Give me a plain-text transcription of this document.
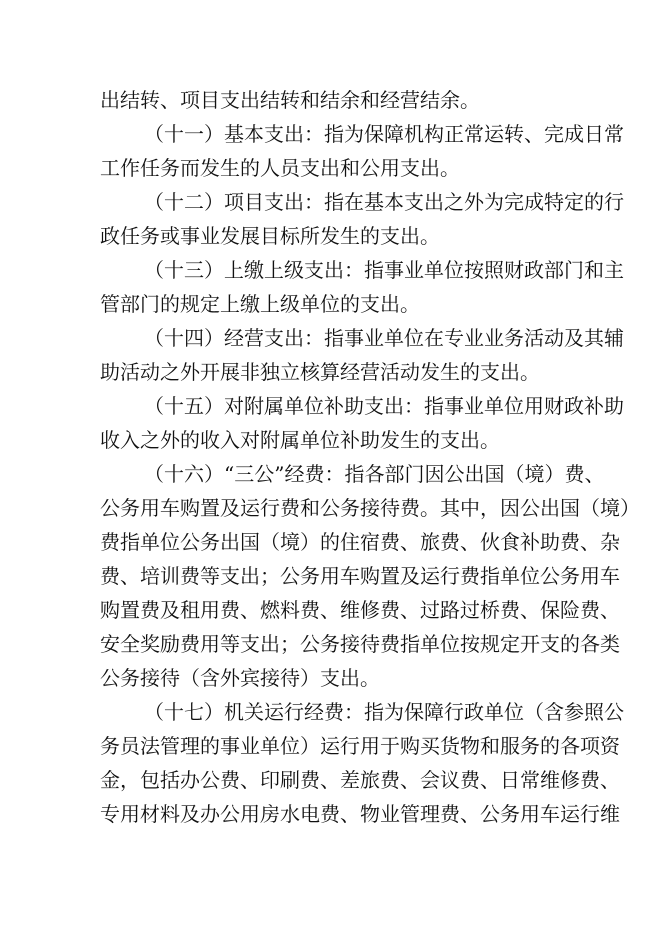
出结转、项目支出结转和结余和经营结余。
（十一）基本支出：指为保障机构正常运转、完成日常
工作任务而发生的人员支出和公用支出。
（十二）项目支出：指在基本支出之外为完成特定的行
政任务或事业发展目标所发生的支出。
（十三）上缴上级支出：指事业单位按照财政部门和主
管部门的规定上缴上级单位的支出。
（十四）经营支出：指事业单位在专业业务活动及其辅
助活动之外开展非独立核算经营活动发生的支出。
（十五）对附属单位补助支出：指事业单位用财政补助
收入之外的收入对附属单位补助发生的支出。
（十六）“三公”经费：指各部门因公出国（境）费、
公务用车购置及运行费和公务接待费。其中，因公出国（境）
费指单位公务出国（境）的住宿费、旅费、伙食补助费、杂
费、培训费等支出；公务用车购置及运行费指单位公务用车
购置费及租用费、燃料费、维修费、过路过桥费、保险费、
安全奖励费用等支出；公务接待费指单位按规定开支的各类
公务接待（含外宾接待）支出。
（十七）机关运行经费：指为保障行政单位（含参照公
务员法管理的事业单位）运行用于购买货物和服务的各项资
金，包括办公费、印刷费、差旅费、会议费、日常维修费、
专用材料及办公用房水电费、物业管理费、公务用车运行维
